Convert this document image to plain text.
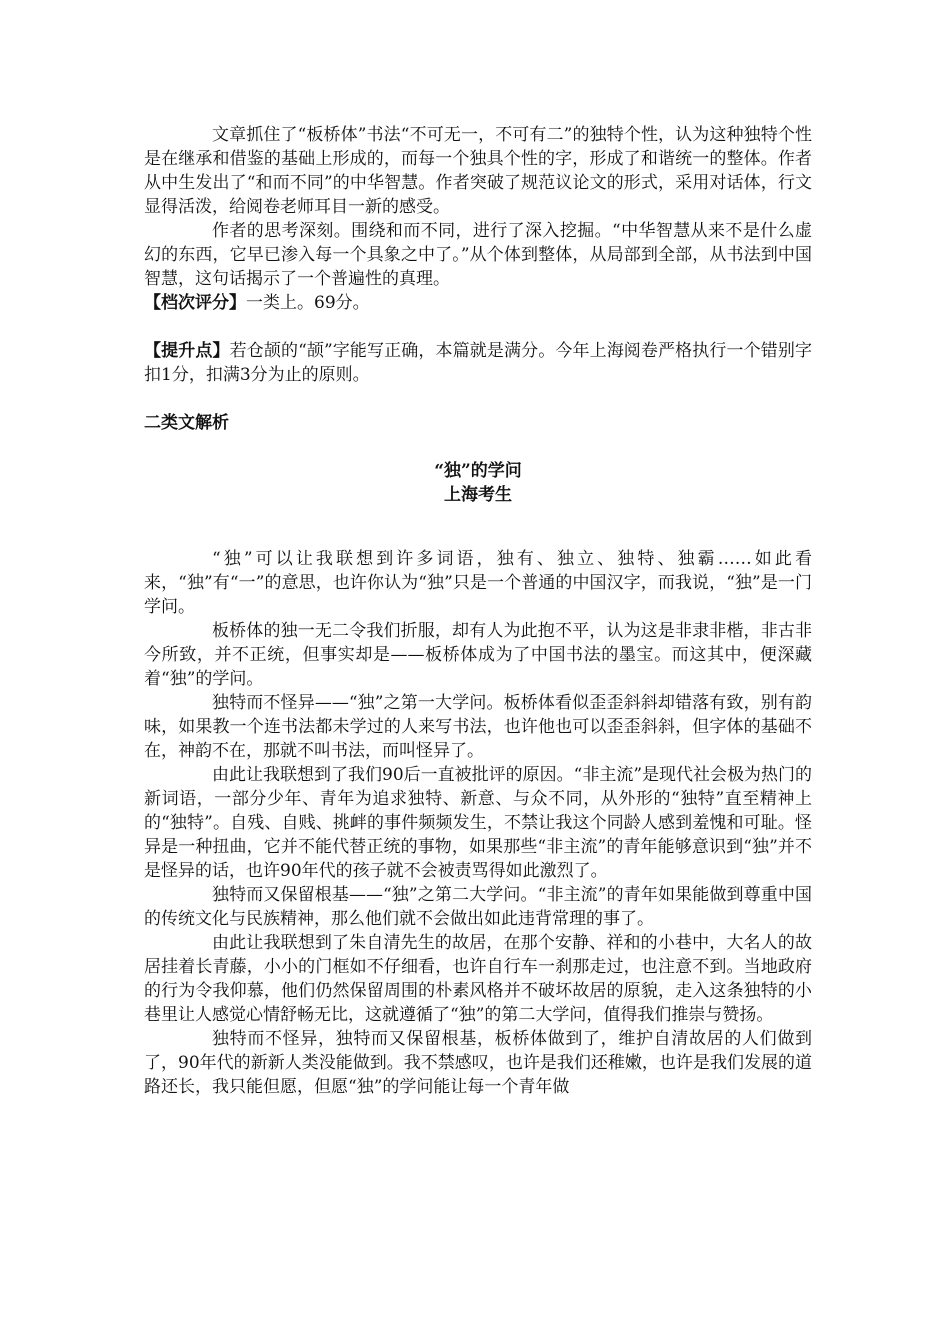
文章抓住了“板桥体”书法“不可无一，不可有二”的独特个性，认为这种独特个性是在继承和借鉴的基础上形成的，而每一个独具个性的字，形成了和谐统一的整体。作者从中生发出了“和而不同”的中华智慧。作者突破了规范议论文的形式，采用对话体，行文显得活泼，给阅卷老师耳目一新的感受。

作者的思考深刻。围绕和而不同，进行了深入挖掘。“中华智慧从来不是什么虚幻的东西，它早已渗入每一个具象之中了。”从个体到整体，从局部到全部，从书法到中国智慧，这句话揭示了一个普遍性的真理。

【档次评分】一类上。69分。

【提升点】若仓颉的“颉”字能写正确，本篇就是满分。今年上海阅卷严格执行一个错别字扣1分，扣满3分为止的原则。

二类文解析

“独”的学问

上海考生

“独”可以让我联想到许多词语，独有、独立、独特、独霸……如此看来，“独”有“一”的意思，也许你认为“独”只是一个普通的中国汉字，而我说，“独”是一门学问。

板桥体的独一无二令我们折服，却有人为此抱不平，认为这是非隶非楷，非古非今所致，并不正统，但事实却是——板桥体成为了中国书法的墨宝。而这其中，便深藏着“独”的学问。

独特而不怪异——“独”之第一大学问。板桥体看似歪歪斜斜却错落有致，别有韵味，如果教一个连书法都未学过的人来写书法，也许他也可以歪歪斜斜，但字体的基础不在，神韵不在，那就不叫书法，而叫怪异了。

由此让我联想到了我们90后一直被批评的原因。“非主流”是现代社会极为热门的新词语，一部分少年、青年为追求独特、新意、与众不同，从外形的“独特”直至精神上的“独特”。自残、自贱、挑衅的事件频频发生，不禁让我这个同龄人感到羞愧和可耻。怪异是一种扭曲，它并不能代替正统的事物，如果那些“非主流”的青年能够意识到“独”并不是怪异的话，也许90年代的孩子就不会被责骂得如此激烈了。

独特而又保留根基——“独”之第二大学问。“非主流”的青年如果能做到尊重中国的传统文化与民族精神，那么他们就不会做出如此违背常理的事了。

由此让我联想到了朱自清先生的故居，在那个安静、祥和的小巷中，大名人的故居挂着长青藤，小小的门框如不仔细看，也许自行车一刹那走过，也注意不到。当地政府的行为令我仰慕，他们仍然保留周围的朴素风格并不破坏故居的原貌，走入这条独特的小巷里让人感觉心情舒畅无比，这就遵循了“独”的第二大学问，值得我们推崇与赞扬。

独特而不怪异，独特而又保留根基，板桥体做到了，维护自清故居的人们做到了，90年代的新新人类没能做到。我不禁感叹，也许是我们还稚嫩，也许是我们发展的道路还长，我只能但愿，但愿“独”的学问能让每一个青年做
